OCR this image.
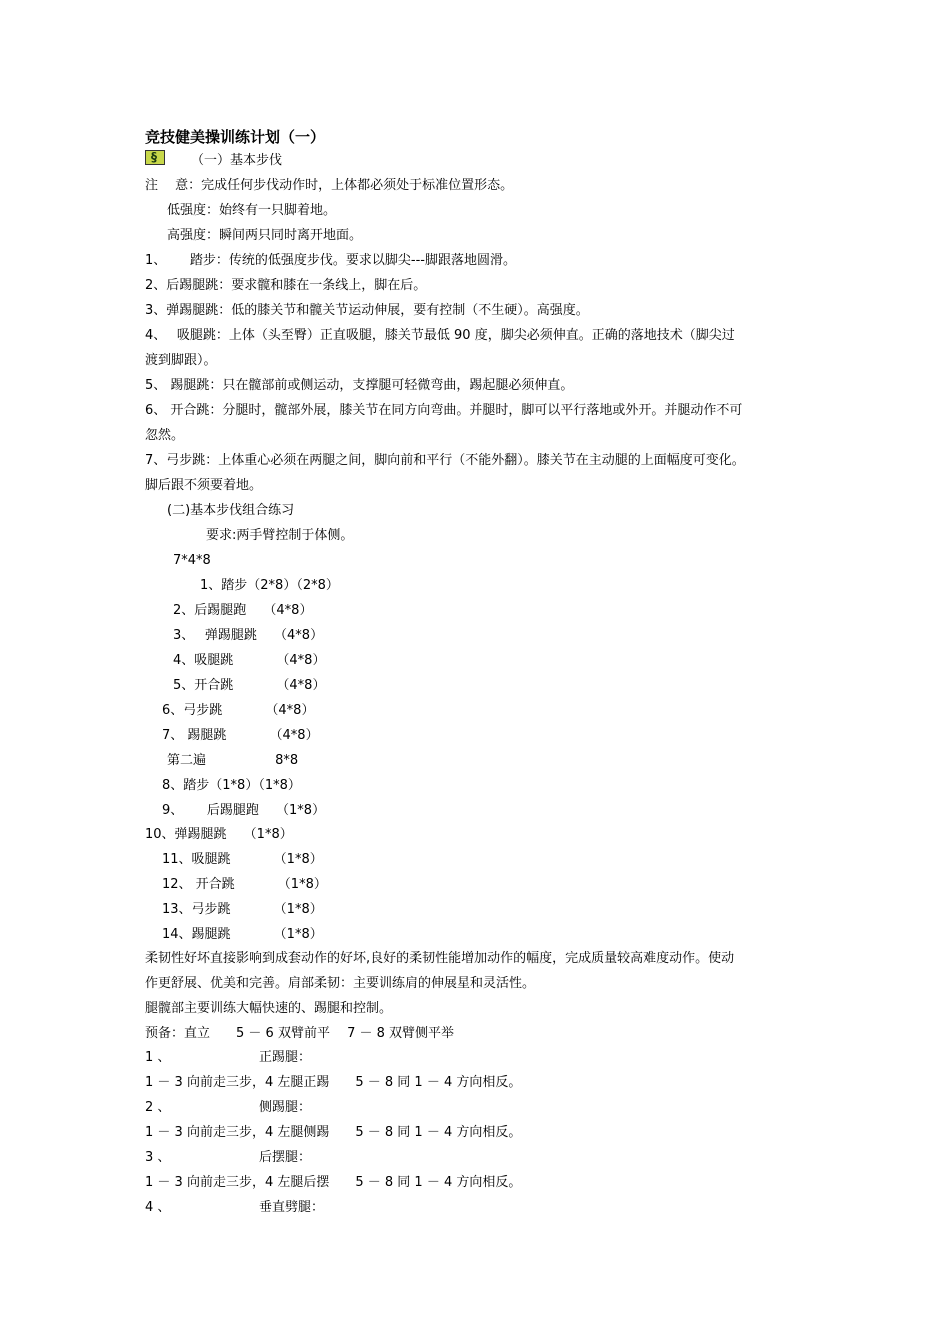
竞技健美操训练计划（一）
§	（一）基本步伐
注　 意：完成任何步伐动作时，上体都必须处于标准位置形态。
低强度：始终有一只脚着地。
高强度：瞬间两只同时离开地面。
1、　　 踏步：传统的低强度步伐。要求以脚尖---脚跟落地圆滑。
2、后踢腿跳：要求髋和膝在一条线上，脚在后。
3、弹踢腿跳：低的膝关节和髋关节运动伸展，要有控制（不生硬）。高强度。
4、　 吸腿跳：上体（头至臀）正直吸腿，膝关节最低 90 度，脚尖必须伸直。正确的落地技术（脚尖过
渡到脚跟）。
5、 踢腿跳：只在髋部前或侧运动，支撑腿可轻微弯曲，踢起腿必须伸直。
6、 开合跳：分腿时，髋部外展，膝关节在同方向弯曲。并腿时，脚可以平行落地或外开。并腿动作不可
忽然。
7、弓步跳：上体重心必须在两腿之间，脚向前和平行（不能外翻）。膝关节在主动腿的上面幅度可变化。
脚后跟不须要着地。
(二)基本步伐组合练习
要求:两手臂控制于体侧。
7*4*8
1、踏步（2*8）（2*8）
2、后踢腿跑　 （4*8）
3、　 弹踢腿跳　 （4*8）
4、吸腿跳　　　 （4*8）
5、开合跳　　　 （4*8）
6、弓步跳　　　 （4*8）
7、 踢腿跳　　　 （4*8）
第二遍　　　　　 8*8
8、踏步（1*8）（1*8）
9、　　 后踢腿跑　 （1*8）
10、弹踢腿跳　 （1*8）
11、吸腿跳　　　 （1*8）
12、 开合跳　　　 （1*8）
13、弓步跳　　　 （1*8）
14、踢腿跳　　　 （1*8）
柔韧性好坏直接影响到成套动作的好坏,良好的柔韧性能增加动作的幅度，完成质量较高难度动作。使动
作更舒展、优美和完善。肩部柔韧：主要训练肩的伸展星和灵活性。
腿髋部主要训练大幅快速的、踢腿和控制。
预备：直立　　5 － 6 双臂前平　 7 － 8 双臂侧平举
1 、　　　　　　　 正踢腿：
1 － 3 向前走三步，4 左腿正踢　　5 － 8 同 1 － 4 方向相反。
2 、　　　　　　　 侧踢腿：
1 － 3 向前走三步，4 左腿侧踢　　5 － 8 同 1 － 4 方向相反。
3 、　　　　　　　 后摆腿：
1 － 3 向前走三步，4 左腿后摆　　5 － 8 同 1 － 4 方向相反。
4 、　　　　　　　 垂直劈腿：
